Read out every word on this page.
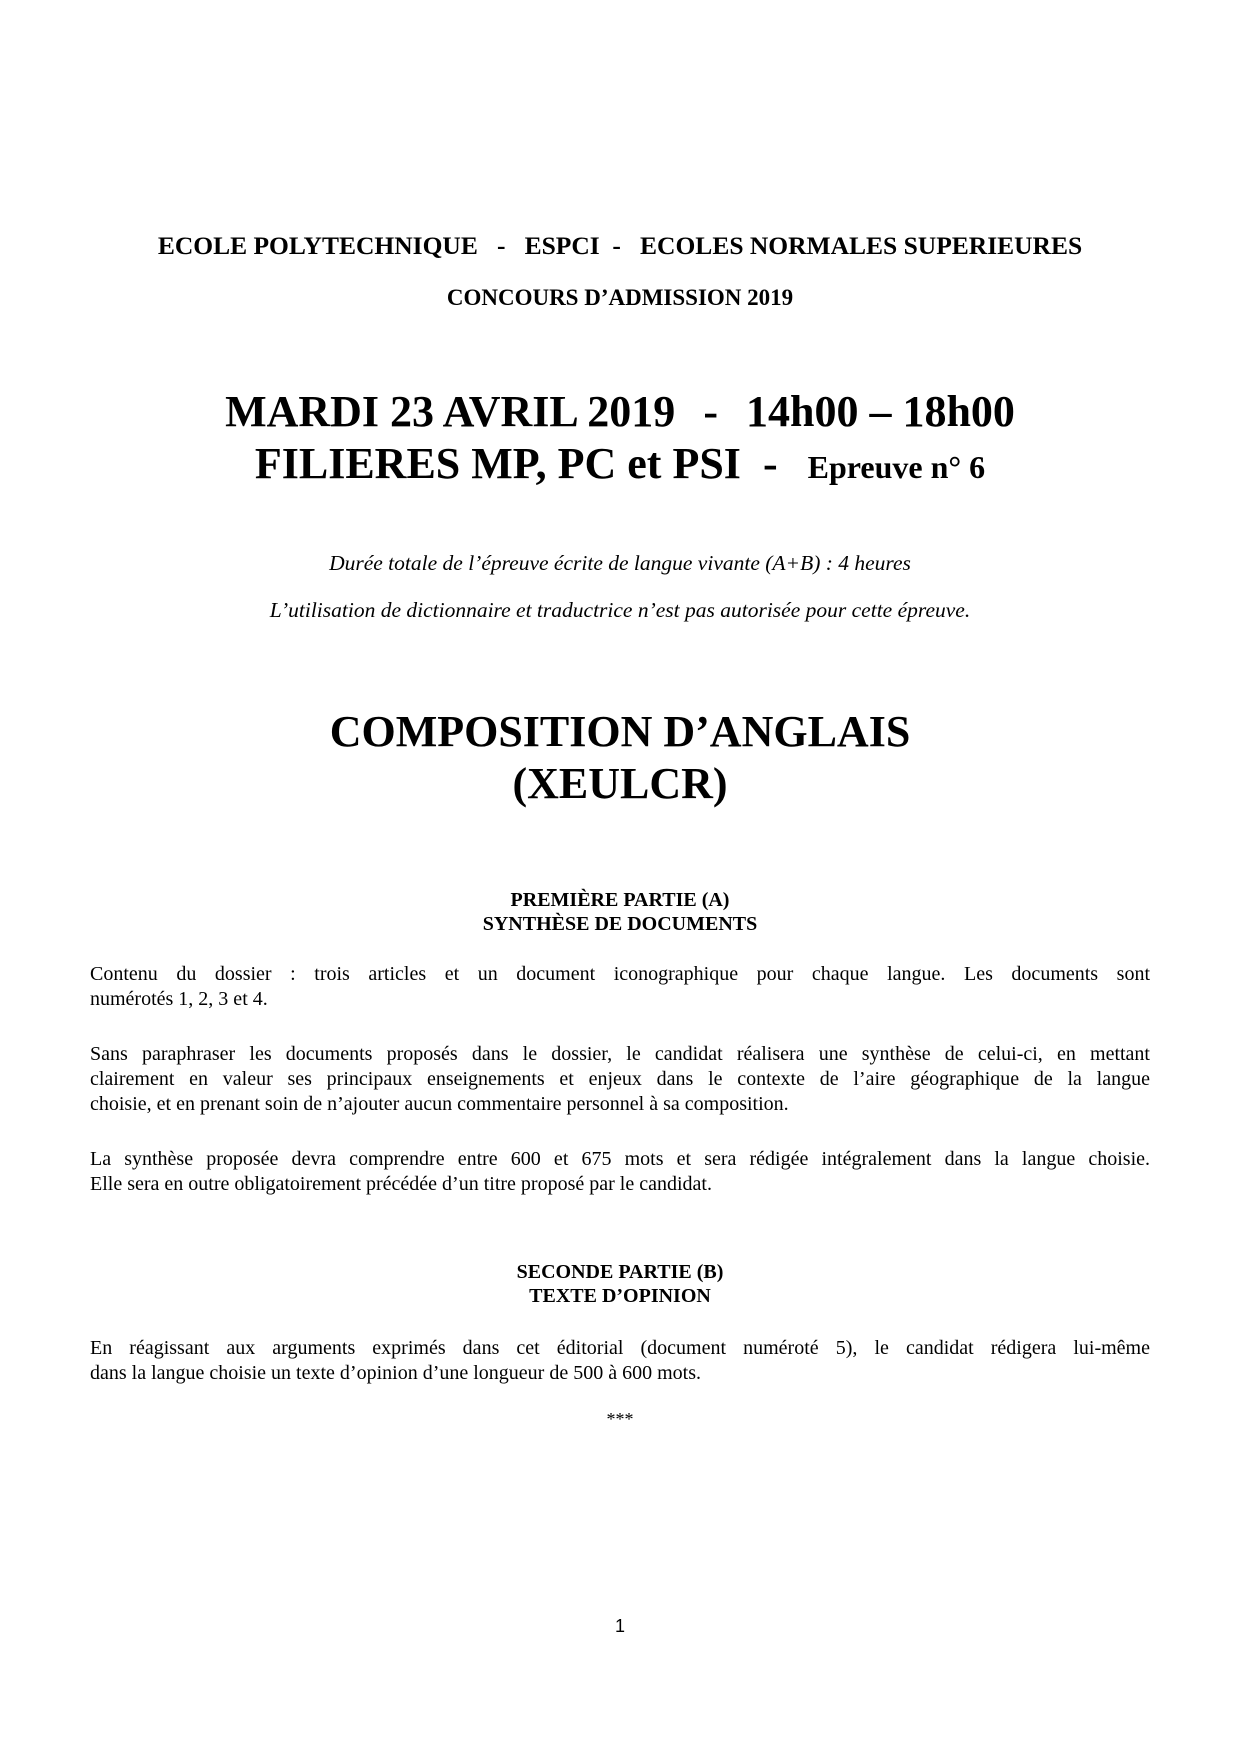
ECOLE POLYTECHNIQUE   -   ESPCI  -   ECOLES NORMALES SUPERIEURES
CONCOURS D’ADMISSION 2019
MARDI 23 AVRIL 2019 - 14h00 – 18h00
FILIERES MP, PC et PSI - Epreuve n° 6
Durée totale de l’épreuve écrite de langue vivante (A+B) : 4 heures
L’utilisation de dictionnaire et traductrice n’est pas autorisée pour cette épreuve.
COMPOSITION D’ANGLAIS
(XEULCR)
PREMIÈRE PARTIE (A)
SYNTHÈSE DE DOCUMENTS
Contenu du dossier : trois articles et un document iconographique pour chaque langue. Les documents sont
numérotés 1, 2, 3 et 4.
Sans paraphraser les documents proposés dans le dossier, le candidat réalisera une synthèse de celui-ci, en mettant
clairement en valeur ses principaux enseignements et enjeux dans le contexte de l’aire géographique de la langue
choisie, et en prenant soin de n’ajouter aucun commentaire personnel à sa composition.
La synthèse proposée devra comprendre entre 600 et 675 mots et sera rédigée intégralement dans la langue choisie.
Elle sera en outre obligatoirement précédée d’un titre proposé par le candidat.
SECONDE PARTIE (B)
TEXTE D’OPINION
En réagissant aux arguments exprimés dans cet éditorial (document numéroté 5), le candidat rédigera lui-même
dans la langue choisie un texte d’opinion d’une longueur de 500 à 600 mots.
***
1
